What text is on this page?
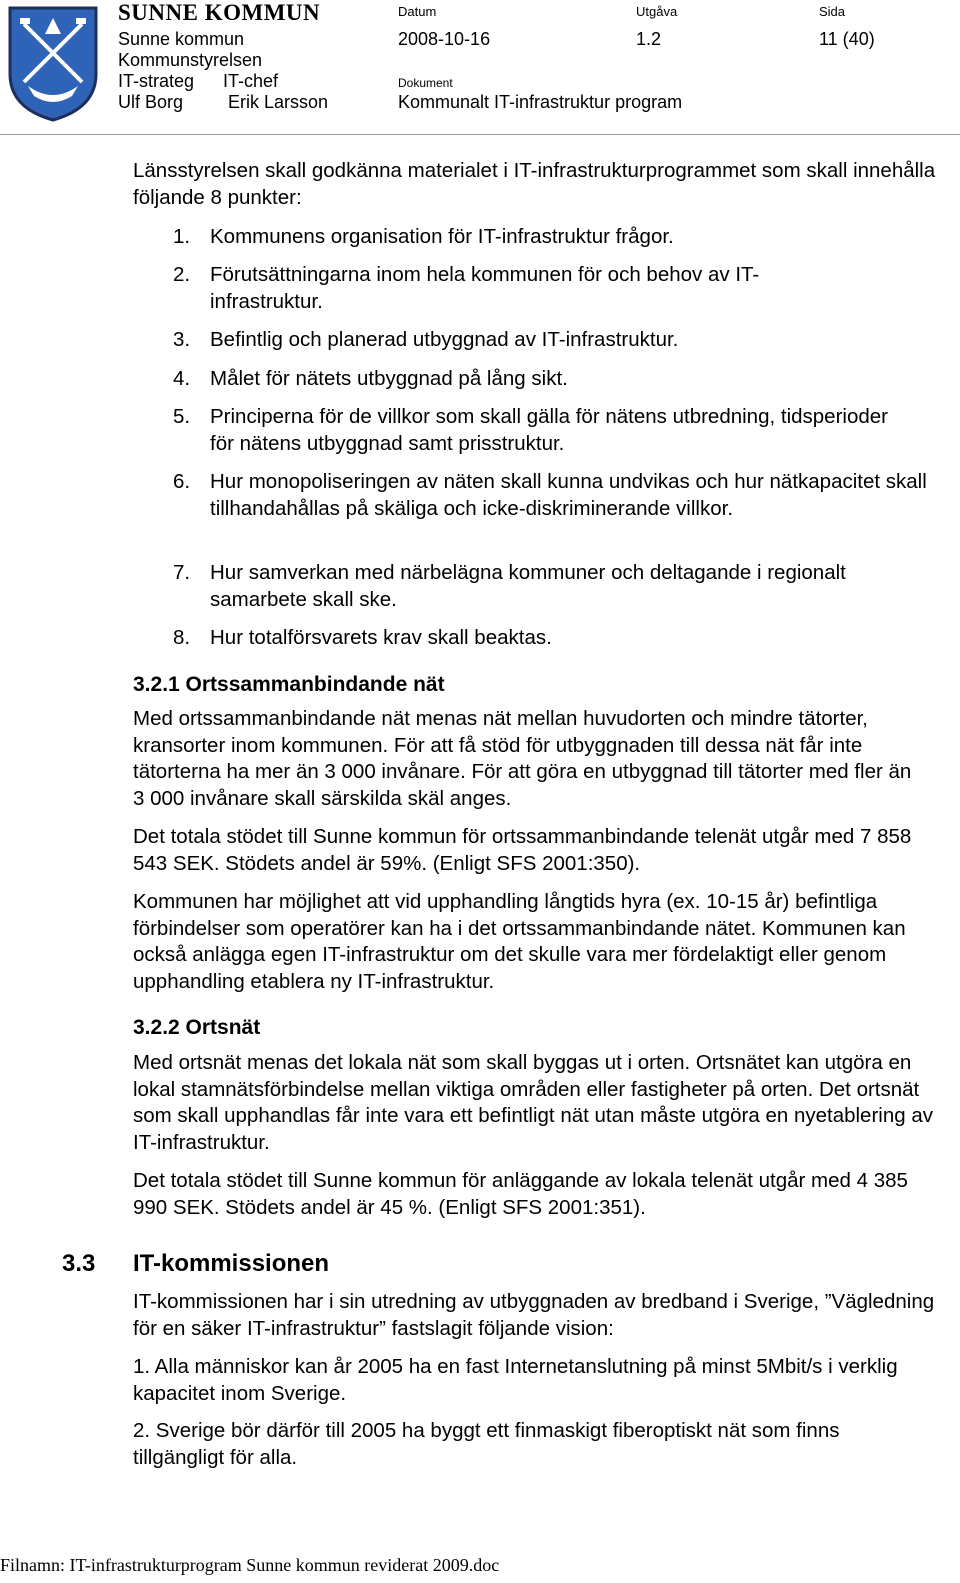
SUNNE KOMMUN
Sunne kommun
Kommunstyrelsen
IT-strateg IT-chef
Ulf Borg Erik Larsson
Datum
2008-10-16
Utgåva
1.2
Sida
11 (40)
Dokument
Kommunalt IT-infrastruktur program
Länsstyrelsen skall godkänna materialet i IT-infrastrukturprogrammet som skall innehålla följande 8 punkter:
1. Kommunens organisation för IT-infrastruktur frågor.
2. Förutsättningarna inom hela kommunen för och behov av IT-infrastruktur.
3. Befintlig och planerad utbyggnad av IT-infrastruktur.
4. Målet för nätets utbyggnad på lång sikt.
5. Principerna för de villkor som skall gälla för nätens utbredning, tidsperioder för nätens utbyggnad samt prisstruktur.
6. Hur monopoliseringen av näten skall kunna undvikas och hur nätkapacitet skall tillhandahållas på skäliga och icke-diskriminerande villkor.
7. Hur samverkan med närbelägna kommuner och deltagande i regionalt samarbete skall ske.
8. Hur totalförsvarets krav skall beaktas.
3.2.1 Ortssammanbindande nät
Med ortssammanbindande nät menas nät mellan huvudorten och mindre tätorter, kransorter inom kommunen. För att få stöd för utbyggnaden till dessa nät får inte tätorterna ha mer än 3 000 invånare. För att göra en utbyggnad till tätorter med fler än 3 000 invånare skall särskilda skäl anges.
Det totala stödet till Sunne kommun för ortssammanbindande telenät utgår med 7 858 543 SEK. Stödets andel är 59%. (Enligt SFS 2001:350).
Kommunen har möjlighet att vid upphandling långtids hyra (ex. 10-15 år) befintliga förbindelser som operatörer kan ha i det ortssammanbindande nätet. Kommunen kan också anlägga egen IT-infrastruktur om det skulle vara mer fördelaktigt eller genom upphandling etablera ny IT-infrastruktur.
3.2.2 Ortsnät
Med ortsnät menas det lokala nät som skall byggas ut i orten. Ortsnätet kan utgöra en lokal stamnätsförbindelse mellan viktiga områden eller fastigheter på orten. Det ortsnät som skall upphandlas får inte vara ett befintligt nät utan måste utgöra en nyetablering av IT-infrastruktur.
Det totala stödet till Sunne kommun för anläggande av lokala telenät utgår med 4 385 990 SEK. Stödets andel är 45 %. (Enligt SFS 2001:351).
3.3 IT-kommissionen
IT-kommissionen har i sin utredning av utbyggnaden av bredband i Sverige, ”Vägledning för en säker IT-infrastruktur” fastslagit följande vision:
1. Alla människor kan år 2005 ha en fast Internetanslutning på minst 5Mbit/s i verklig kapacitet inom Sverige.
2. Sverige bör därför till 2005 ha byggt ett finmaskigt fiberoptiskt nät som finns tillgängligt för alla.
Filnamn: IT-infrastrukturprogram Sunne kommun reviderat 2009.doc
